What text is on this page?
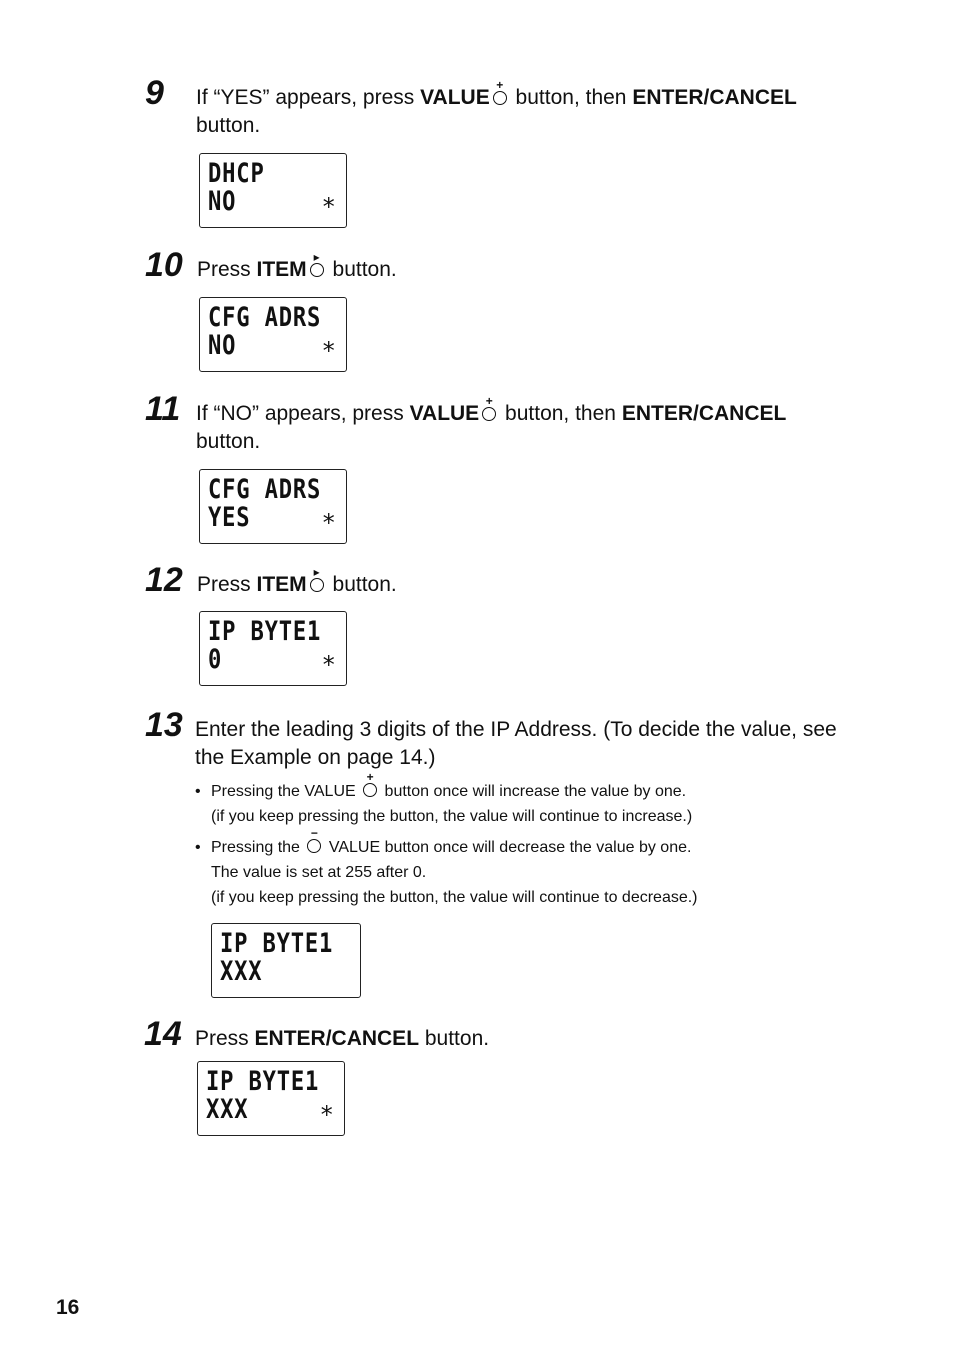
9 If “YES” appears, press VALUE
+
button, then ENTER/CANCEL
button.
DHCP
NO	∗
10 Press ITEM
▸
button.
CFG ADRS
NO	∗
11 If “NO” appears, press VALUE
+
button, then ENTER/CANCEL
button.
CFG ADRS
YES	∗
12 Press ITEM
▸
button.
IP BYTE1
0	∗
13 Enter the leading 3 digits of the IP Address. (To decide the value, see
the Example on page 14.)
• Pressing the VALUE
+
button once will increase the value by one.
(if you keep pressing the button, the value will continue to increase.)
• Pressing the
−
VALUE button once will decrease the value by one.
The value is set at 255 after 0.
(if you keep pressing the button, the value will continue to decrease.)
IP BYTE1
XXX
14 Press ENTER/CANCEL button.
IP BYTE1
XXX	∗
16
